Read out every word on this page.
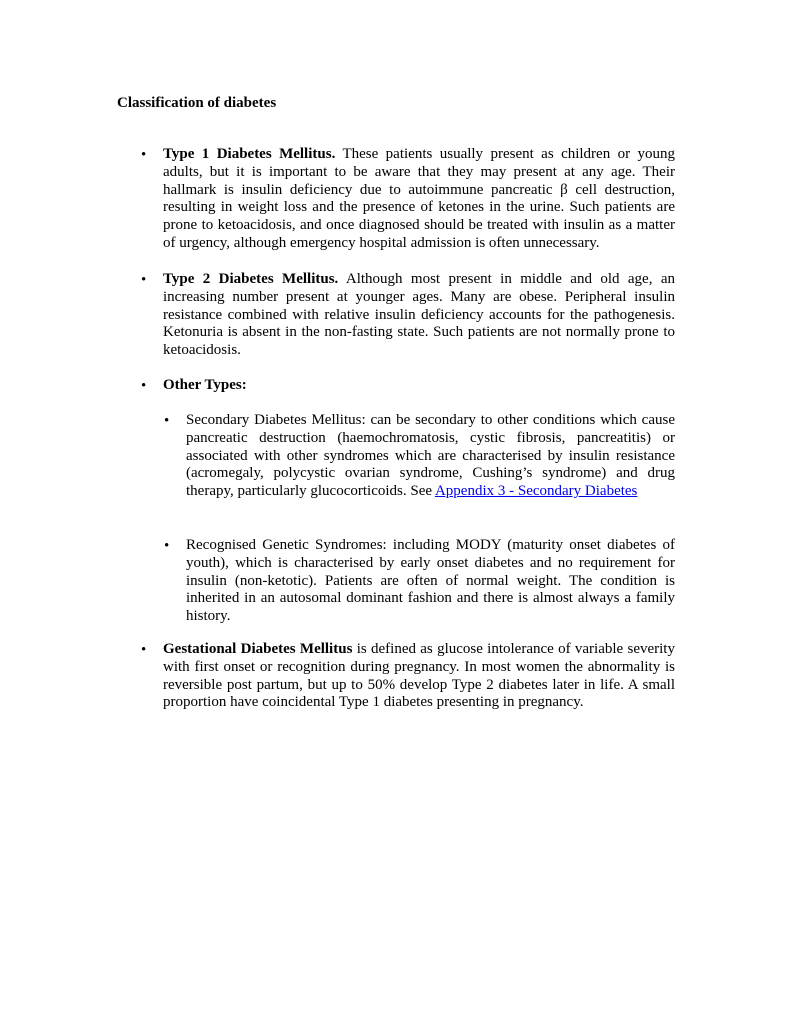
Classification of diabetes
• Type 1 Diabetes Mellitus. These patients usually present as children or young adults, but it is important to be aware that they may present at any age. Their hallmark is insulin deficiency due to autoimmune pancreatic β cell destruction, resulting in weight loss and the presence of ketones in the urine. Such patients are prone to ketoacidosis, and once diagnosed should be treated with insulin as a matter of urgency, although emergency hospital admission is often unnecessary.

• Type 2 Diabetes Mellitus. Although most present in middle and old age, an increasing number present at younger ages. Many are obese. Peripheral insulin resistance combined with relative insulin deficiency accounts for the pathogenesis. Ketonuria is absent in the non-fasting state. Such patients are not normally prone to ketoacidosis.

• Other Types:

• Secondary Diabetes Mellitus: can be secondary to other conditions which cause pancreatic destruction (haemochromatosis, cystic fibrosis, pancreatitis) or associated with other syndromes which are characterised by insulin resistance (acromegaly, polycystic ovarian syndrome, Cushing’s syndrome) and drug therapy, particularly glucocorticoids. See Appendix 3 - Secondary Diabetes

• Recognised Genetic Syndromes: including MODY (maturity onset diabetes of youth), which is characterised by early onset diabetes and no requirement for insulin (non-ketotic). Patients are often of normal weight. The condition is inherited in an autosomal dominant fashion and there is almost always a family history.

• Gestational Diabetes Mellitus is defined as glucose intolerance of variable severity with first onset or recognition during pregnancy. In most women the abnormality is reversible post partum, but up to 50% develop Type 2 diabetes later in life. A small proportion have coincidental Type 1 diabetes presenting in pregnancy.
